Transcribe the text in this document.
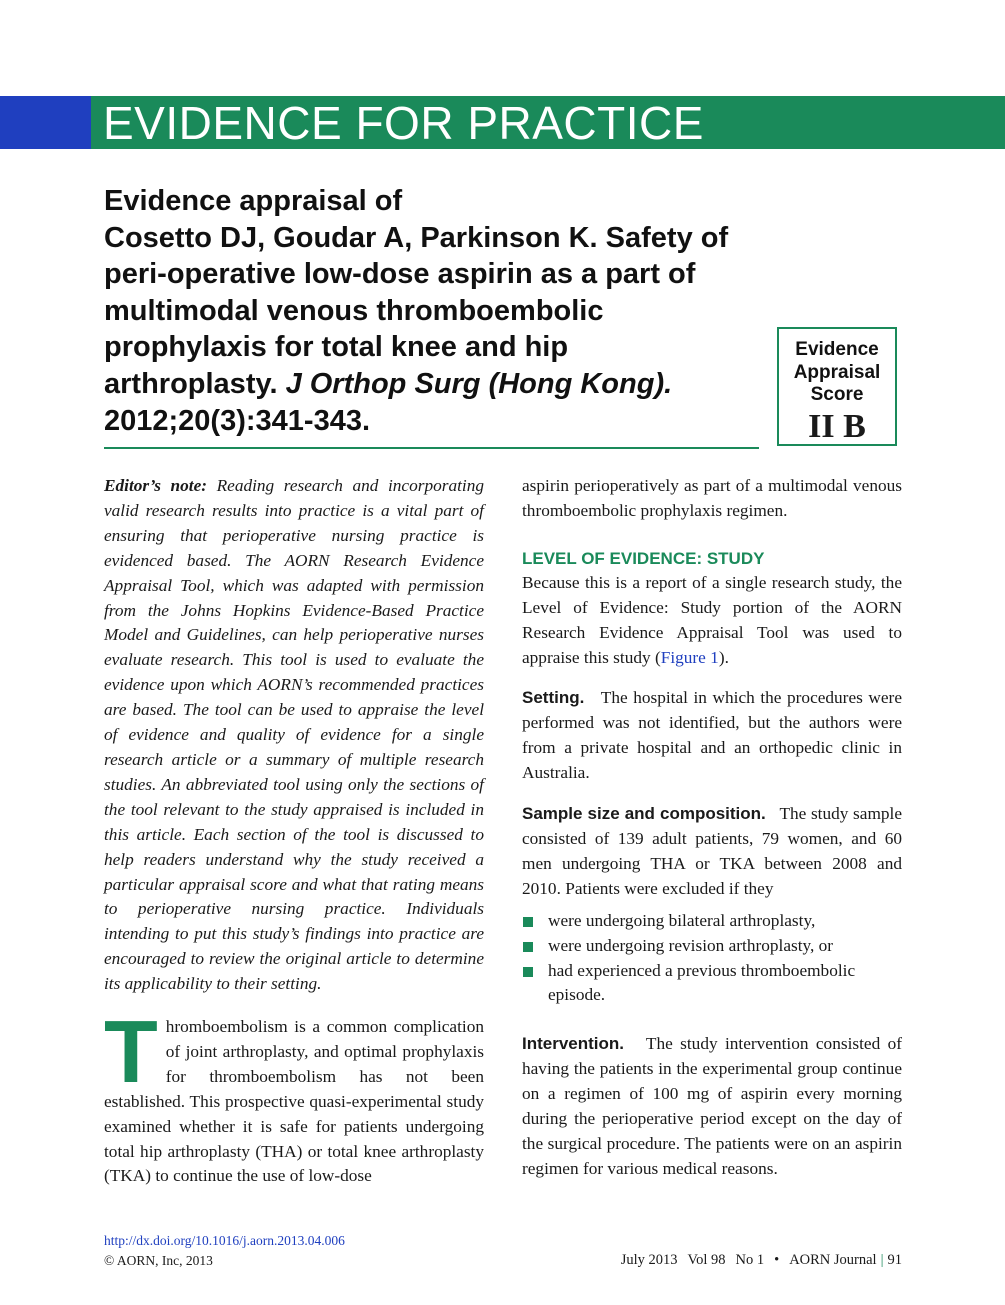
EVIDENCE FOR PRACTICE
Evidence appraisal of
Cosetto DJ, Goudar A, Parkinson K. Safety of
peri-operative low-dose aspirin as a part of
multimodal venous thromboembolic
prophylaxis for total knee and hip
arthroplasty. J Orthop Surg (Hong Kong).
2012;20(3):341-343.
Evidence
Appraisal
Score
II B
Editor’s note: Reading research and incorporating valid research results into practice is a vital part of ensuring that perioperative nursing practice is evidenced based. The AORN Research Evidence Appraisal Tool, which was adapted with permission from the Johns Hopkins Evidence-Based Practice Model and Guidelines, can help perioperative nurses evaluate research. This tool is used to evaluate the evidence upon which AORN’s recommended practices are based. The tool can be used to appraise the level of evidence and quality of evidence for a single research article or a summary of multiple research studies. An abbreviated tool using only the sections of the tool relevant to the study appraised is included in this article. Each section of the tool is discussed to help readers understand why the study received a particular appraisal score and what that rating means to perioperative nursing practice. Individuals intending to put this study’s findings into practice are encouraged to review the original article to determine its applicability to their setting.
Thromboembolism is a common complication of joint arthroplasty, and optimal prophylaxis for thromboembolism has not been established. This prospective quasi-experimental study examined whether it is safe for patients undergoing total hip arthroplasty (THA) or total knee arthroplasty (TKA) to continue the use of low-dose

aspirin perioperatively as part of a multimodal venous thromboembolic prophylaxis regimen.

LEVEL OF EVIDENCE: STUDY

Because this is a report of a single research study, the Level of Evidence: Study portion of the AORN Research Evidence Appraisal Tool was used to appraise this study (Figure 1).

Setting. The hospital in which the procedures were performed was not identified, but the authors were from a private hospital and an orthopedic clinic in Australia.

Sample size and composition. The study sample consisted of 139 adult patients, 79 women, and 60 men undergoing THA or TKA between 2008 and 2010. Patients were excluded if they

were undergoing bilateral arthroplasty,
were undergoing revision arthroplasty, or
had experienced a previous thromboembolic episode.

Intervention. The study intervention consisted of having the patients in the experimental group continue on a regimen of 100 mg of aspirin every morning during the perioperative period except on the day of the surgical procedure. The patients were on an aspirin regimen for various medical reasons.

http://dx.doi.org/10.1016/j.aorn.2013.04.006
© AORN, Inc, 2013	July 2013 Vol 98 No 1 • AORN Journal | 91
